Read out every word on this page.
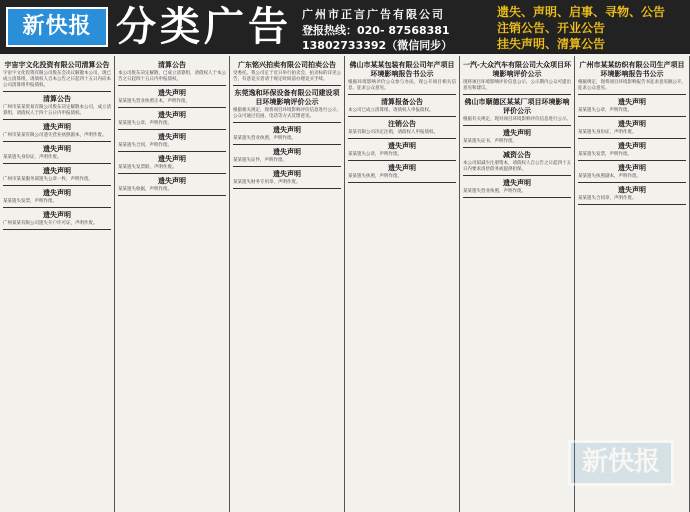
新快报 分类广告 广州市正言广告有限公司
登报热线：020- 87568381
13802733392（微信同步）
遗失、声明、启事、寻物、公告
注销公告、开业公告
挂失声明、清算公告
宇宙宇文化投资有限公司清算公告
宇宙宇文化投资有限公司股东会决议解散本公司，现已成立清算组，请债权人自本公告之日起四十五日内向本公司清算组申报债权。
清算公告
广州市某某贸易有限公司股东决定解散本公司，成立清算组，请债权人于四十五日内申报债权。
遗失声明
广州市某某有限公司遗失营业执照副本，声明作废。
遗失声明
某某遗失身份证，声明作废。
遗失声明
广州市某某服务部遗失公章一枚，声明作废。
遗失声明
某某遗失发票，声明作废。
遗失声明
广州某某有限公司遗失开户许可证，声明作废。
清算公告
本公司股东决定解散，已成立清算组，请债权人于本公告之日起四十五日内申报债权。
遗失声明
某某遗失营业执照正本，声明作废。
遗失声明
某某遗失公章，声明作废。
遗失声明
某某遗失合同，声明作废。
遗失声明
某某遗失发票联，声明作废。
遗失声明
某某遗失收据，声明作废。
广东铭兴拍卖有限公司拍卖公告
受委托，我公司定于近日举行拍卖会，拍卖标的详见公告，有意竞买者请于规定时间前办理竞买手续。
东莞逸和环保设备有限公司建设项目环境影响评价公示
根据相关规定，现将项目环境影响评价信息进行公示，公众可通过信函、电话等方式反馈意见。
遗失声明
某某遗失营业执照，声明作废。
遗失声明
某某遗失证件，声明作废。
遗失声明
某某遗失财务专用章，声明作废。
佛山市某某包装有限公司年产项目环境影响报告书公示
根据环境影响评价公众参与办法，现公开项目相关信息，征求公众意见。
清算报备公告
本公司已成立清算组，请债权人申报债权。
注销公告
某某有限公司决定注销，请债权人申报债权。
遗失声明
某某遗失公章，声明作废。
遗失声明
某某遗失执照，声明作废。
一汽-大众汽车有限公司大众项目环境影响评价公示
现将项目环境影响评价信息公示，公示期内公众可提出意见和建议。
佛山市顺德区某某厂项目环境影响评价公示
根据有关规定，现对项目环境影响评价信息进行公示。
遗失声明
某某遗失证书，声明作废。
减资公告
本公司拟减少注册资本，请债权人自公告之日起四十五日内要求清偿债务或提供担保。
遗失声明
某某遗失营业执照，声明作废。
广州市某某纺织有限公司生产项目环境影响报告书公示
根据规定，现将项目环境影响报告书征求意见稿公开，征求公众意见。
遗失声明
某某遗失公章，声明作废。
遗失声明
某某遗失身份证，声明作废。
遗失声明
某某遗失发票，声明作废。
遗失声明
某某遗失执照副本，声明作废。
遗失声明
某某遗失合同章，声明作废。
新快报
